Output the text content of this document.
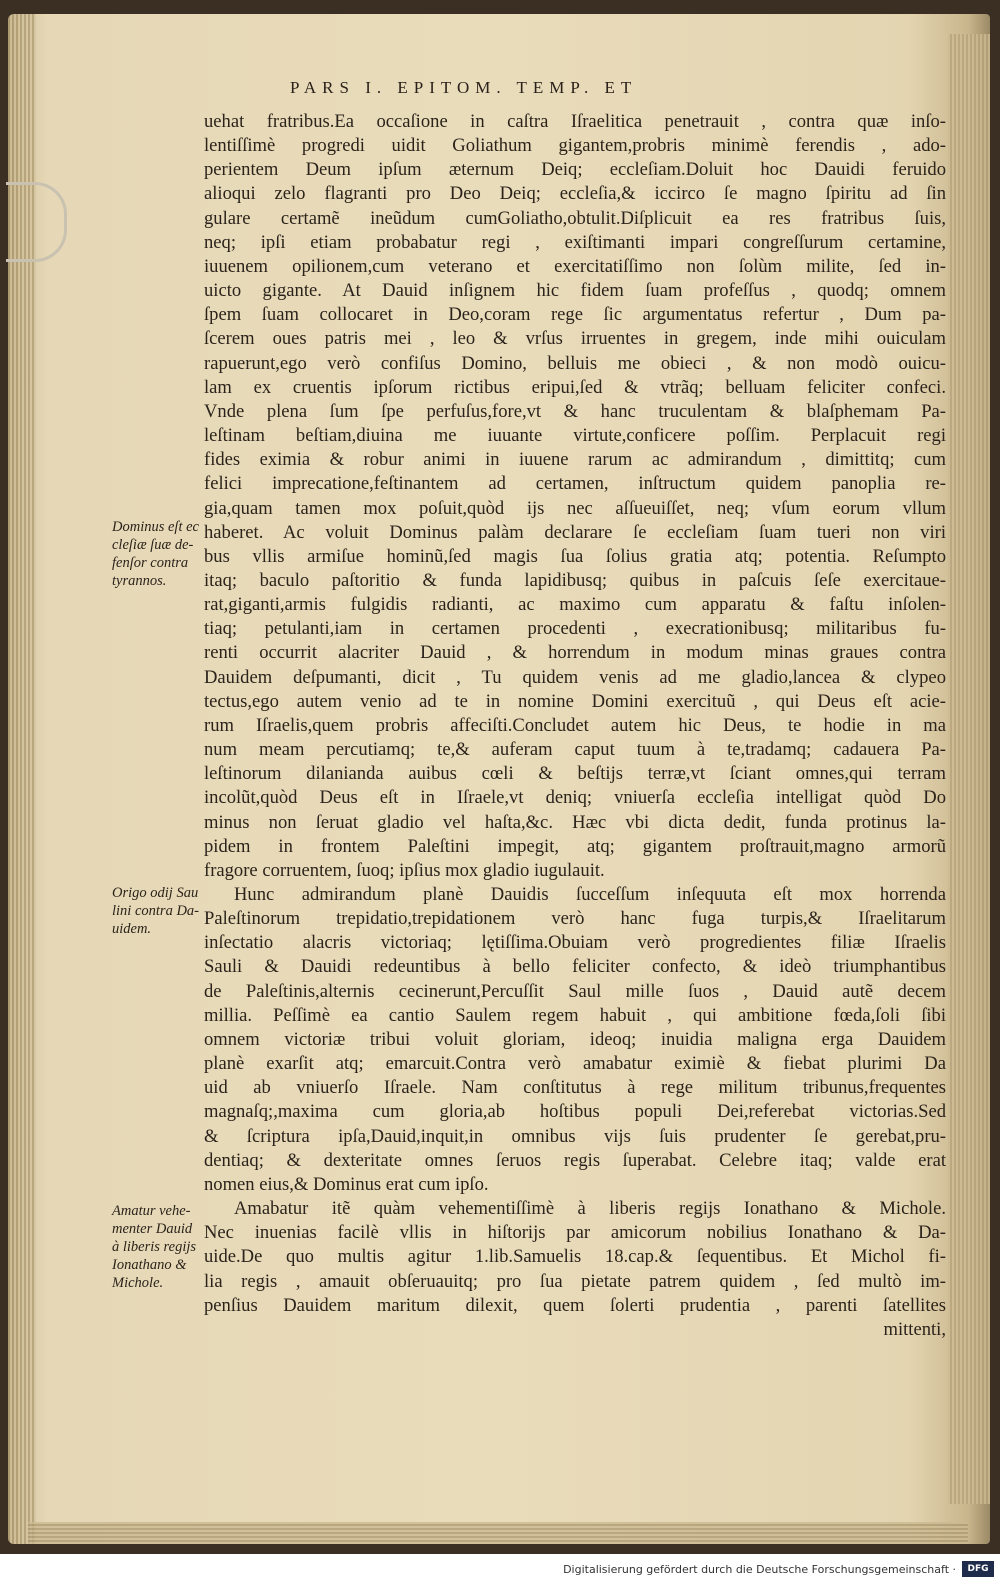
PARS I. EPITOM. TEMP. ET
uehat fratribus.Ea occaſione in caſtra Iſraelitica penetrauit , contra quæ inſo-
lentiſſimè progredi uidit Goliathum gigantem,probris minimè ferendis , ado-
perientem Deum ipſum æternum Deiq; eccleſiam.Doluit hoc Dauidi feruido
alioqui zelo flagranti pro Deo Deiq; eccleſia,& iccirco ſe magno ſpiritu ad ſin
gulare certamẽ ineũdum cumGoliatho,obtulit.Diſplicuit ea res fratribus ſuis,
neq; ipſi etiam probabatur regi , exiſtimanti impari congreſſurum certamine,
iuuenem opilionem,cum veterano et exercitatiſſimo non ſolùm milite, ſed in-
uicto gigante. At Dauid inſignem hic fidem ſuam profeſſus , quodq; omnem
ſpem ſuam collocaret in Deo,coram rege ſic argumentatus refertur , Dum pa-
ſcerem oues patris mei , leo & vrſus irruentes in gregem, inde mihi ouiculam
rapuerunt,ego verò confiſus Domino, belluis me obieci , & non modò ouicu-
lam ex cruentis ipſorum rictibus eripui,ſed & vtrãq; belluam feliciter confeci.
Vnde plena ſum ſpe perfuſus,fore,vt & hanc truculentam & blaſphemam Pa-
leſtinam beſtiam,diuina me iuuante virtute,conficere poſſim. Perplacuit regi
fides eximia & robur animi in iuuene rarum ac admirandum , dimittitq; cum
felici imprecatione,feſtinantem ad certamen, inſtructum quidem panoplia re-
gia,quam tamen mox poſuit,quòd ijs nec aſſueuiſſet, neq; vſum eorum vllum
haberet. Ac voluit Dominus palàm declarare ſe eccleſiam ſuam tueri non viri
bus vllis armiſue hominũ,ſed magis ſua ſolius gratia atq; potentia. Reſumpto
itaq; baculo paſtoritio & funda lapidibusq; quibus in paſcuis ſeſe exercitaue-
rat,giganti,armis fulgidis radianti, ac maximo cum apparatu & faſtu inſolen-
tiaq; petulanti,iam in certamen procedenti , execrationibusq; militaribus fu-
renti occurrit alacriter Dauid , & horrendum in modum minas graues contra
Dauidem deſpumanti, dicit , Tu quidem venis ad me gladio,lancea & clypeo
tectus,ego autem venio ad te in nomine Domini exercituũ , qui Deus eſt acie-
rum Iſraelis,quem probris affeciſti.Concludet autem hic Deus, te hodie in ma
num meam percutiamq; te,& auferam caput tuum à te,tradamq; cadauera Pa-
leſtinorum dilanianda auibus cœli & beſtijs terræ,vt ſciant omnes,qui terram
incolũt,quòd Deus eſt in Iſraele,vt deniq; vniuerſa eccleſia intelligat quòd Do
minus non ſeruat gladio vel haſta,&c. Hæc vbi dicta dedit, funda protinus la-
pidem in frontem Paleſtini impegit, atq; gigantem proſtrauit,magno armorũ
fragore corruentem, ſuoq; ipſius mox gladio iugulauit.
Hunc admirandum planè Dauidis ſucceſſum inſequuta eſt mox horrenda
Paleſtinorum trepidatio,trepidationem verò hanc fuga turpis,& Iſraelitarum
inſectatio alacris victoriaq; lętiſſima.Obuiam verò progredientes filiæ Iſraelis
Sauli & Dauidi redeuntibus à bello feliciter confecto, & ideò triumphantibus
de Paleſtinis,alternis cecinerunt,Percuſſit Saul mille ſuos , Dauid autẽ decem
millia. Peſſimè ea cantio Saulem regem habuit , qui ambitione fœda,ſoli ſibi
omnem victoriæ tribui voluit gloriam, ideoq; inuidia maligna erga Dauidem
planè exarſit atq; emarcuit.Contra verò amabatur eximiè & fiebat plurimi Da
uid ab vniuerſo Iſraele. Nam conſtitutus à rege militum tribunus,frequentes
magnaſq;,maxima cum gloria,ab hoſtibus populi Dei,referebat victorias.Sed
& ſcriptura ipſa,Dauid,inquit,in omnibus vijs ſuis prudenter ſe gerebat,pru-
dentiaq; & dexteritate omnes ſeruos regis ſuperabat. Celebre itaq; valde erat
nomen eius,& Dominus erat cum ipſo.
Amabatur itẽ quàm vehementiſſimè à liberis regijs Ionathano & Michole.
Nec inuenias facilè vllis in hiſtorijs par amicorum nobilius Ionathano & Da-
uide.De quo multis agitur 1.lib.Samuelis 18.cap.& ſequentibus. Et Michol fi-
lia regis , amauit obſeruauitq; pro ſua pietate patrem quidem , ſed multò im-
penſius Dauidem maritum dilexit, quem ſolerti prudentia , parenti ſatellites
mittenti,
Dominus eſt ec
cleſiæ ſuæ de-
fenſor contra
tyrannos.
Origo odij Sau
lini contra Da-
uidem.
Amatur vehe-
menter Dauid
à liberis regijs
Ionathano &
Michole.
Digitalisierung gefördert durch die Deutsche Forschungsgemeinschaft ·	DFG
